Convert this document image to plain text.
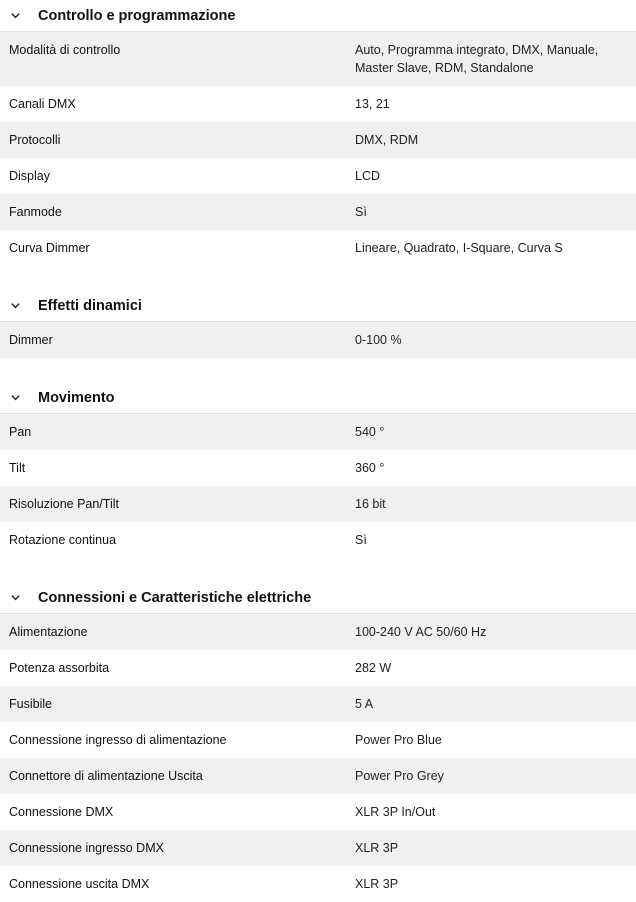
Controllo e programmazione
Modalità di controllo	Auto, Programma integrato, DMX, Manuale, Master Slave, RDM, Standalone
Canali DMX	13, 21
Protocolli	DMX, RDM
Display	LCD
Fanmode	Sì
Curva Dimmer	Lineare, Quadrato, I-Square, Curva S
Effetti dinamici
Dimmer	0-100 %
Movimento
Pan	540 °
Tilt	360 °
Risoluzione Pan/Tilt	16 bit
Rotazione continua	Sì
Connessioni e Caratteristiche elettriche
Alimentazione	100-240 V AC 50/60 Hz
Potenza assorbita	282 W
Fusibile	5 A
Connessione ingresso di alimentazione	Power Pro Blue
Connettore di alimentazione Uscita	Power Pro Grey
Connessione DMX	XLR 3P In/Out
Connessione ingresso DMX	XLR 3P
Connessione uscita DMX	XLR 3P
